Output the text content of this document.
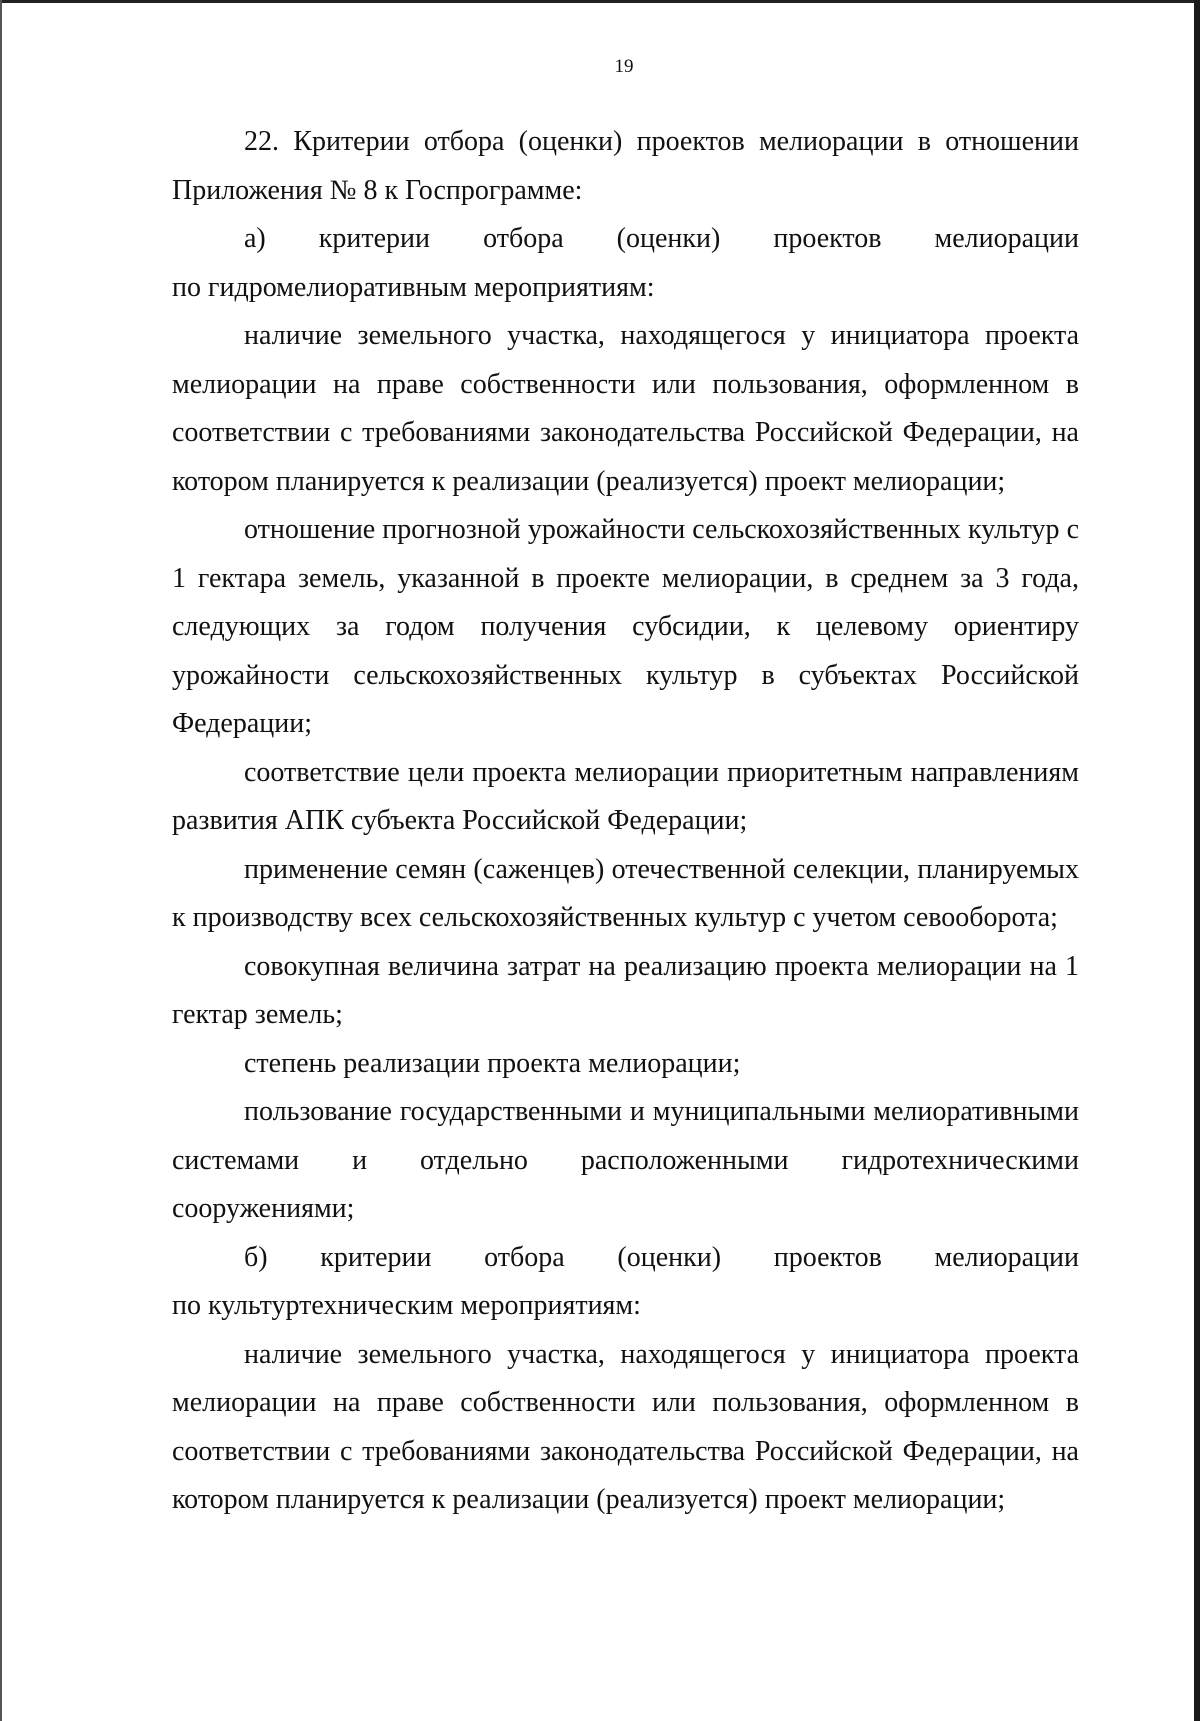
19

22. Критерии отбора (оценки) проектов мелиорации в отношении Приложения № 8 к Госпрограмме:

а) критерии отбора (оценки) проектов мелиорации

по гидромелиоративным мероприятиям:

наличие земельного участка, находящегося у инициатора проекта мелиорации на праве собственности или пользования, оформленном в соответствии с требованиями законодательства Российской Федерации, на котором планируется к реализации (реализуется) проект мелиорации;

отношение прогнозной урожайности сельскохозяйственных культур с 1 гектара земель, указанной в проекте мелиорации, в среднем за 3 года, следующих за годом получения субсидии, к целевому ориентиру урожайности сельскохозяйственных культур в субъектах Российской Федерации;

соответствие цели проекта мелиорации приоритетным направлениям развития АПК субъекта Российской Федерации;

применение семян (саженцев) отечественной селекции, планируемых к производству всех сельскохозяйственных культур с учетом севооборота;

совокупная величина затрат на реализацию проекта мелиорации на 1 гектар земель;

степень реализации проекта мелиорации;

пользование государственными и муниципальными мелиоративными системами и отдельно расположенными гидротехническими сооружениями;

б) критерии отбора (оценки) проектов мелиорации

по культуртехническим мероприятиям:

наличие земельного участка, находящегося у инициатора проекта мелиорации на праве собственности или пользования, оформленном в соответствии с требованиями законодательства Российской Федерации, на котором планируется к реализации (реализуется) проект мелиорации;
